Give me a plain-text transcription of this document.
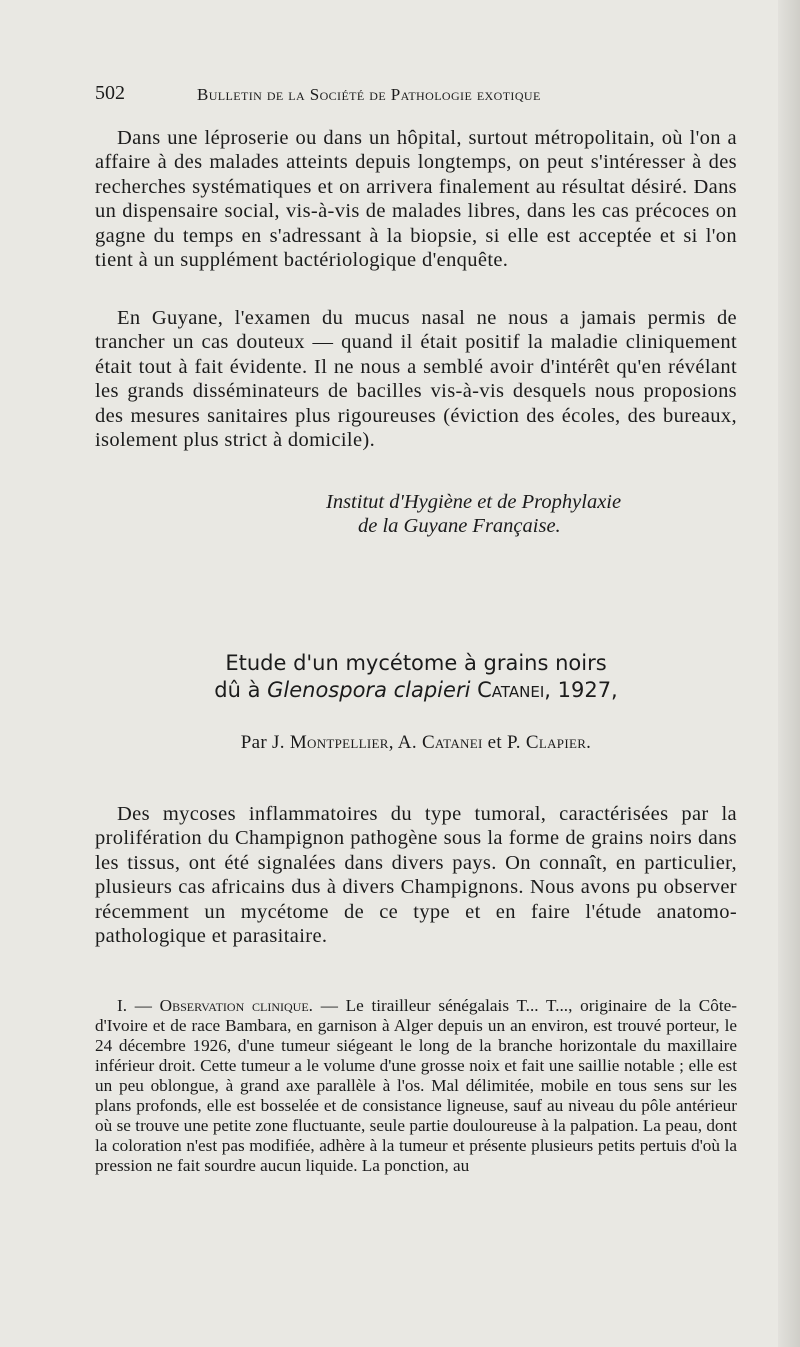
502	Bulletin de la Société de Pathologie exotique

Dans une léproserie ou dans un hôpital, surtout métropolitain, où l'on a affaire à des malades atteints depuis longtemps, on peut s'intéresser à des recherches systématiques et on arrivera finalement au résultat désiré. Dans un dispensaire social, vis-à-vis de malades libres, dans les cas précoces on gagne du temps en s'adressant à la biopsie, si elle est acceptée et si l'on tient à un supplément bactériologique d'enquête.

En Guyane, l'examen du mucus nasal ne nous a jamais permis de trancher un cas douteux — quand il était positif la maladie cliniquement était tout à fait évidente. Il ne nous a semblé avoir d'intérêt qu'en révélant les grands disséminateurs de bacilles vis-à-vis desquels nous proposions des mesures sanitaires plus rigoureuses (éviction des écoles, des bureaux, isolement plus strict à domicile).

Institut d'Hygiène et de Prophylaxie
de la Guyane Française.
Etude d'un mycétome à grains noirs
dû à Glenospora clapieri Catanei, 1927,
Par J. Montpellier, A. Catanei et P. Clapier.

Des mycoses inflammatoires du type tumoral, caractérisées par la prolifération du Champignon pathogène sous la forme de grains noirs dans les tissus, ont été signalées dans divers pays. On connaît, en particulier, plusieurs cas africains dus à divers Champignons. Nous avons pu observer récemment un mycétome de ce type et en faire l'étude anatomo-pathologique et parasitaire.

I. — Observation clinique. — Le tirailleur sénégalais T... T..., originaire de la Côte-d'Ivoire et de race Bambara, en garnison à Alger depuis un an environ, est trouvé porteur, le 24 décembre 1926, d'une tumeur siégeant le long de la branche horizontale du maxillaire inférieur droit. Cette tumeur a le volume d'une grosse noix et fait une saillie notable ; elle est un peu oblongue, à grand axe parallèle à l'os. Mal délimitée, mobile en tous sens sur les plans profonds, elle est bosselée et de consistance ligneuse, sauf au niveau du pôle antérieur où se trouve une petite zone fluctuante, seule partie douloureuse à la palpation. La peau, dont la coloration n'est pas modifiée, adhère à la tumeur et présente plusieurs petits pertuis d'où la pression ne fait sourdre aucun liquide. La ponction, au
